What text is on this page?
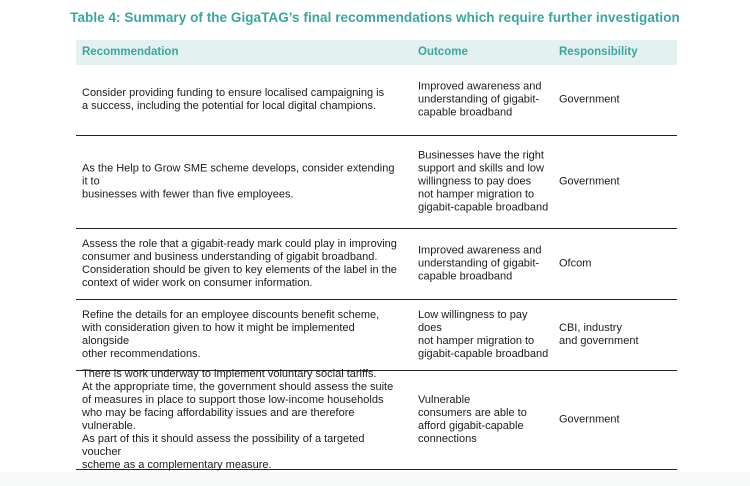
Table 4: Summary of the GigaTAG’s final recommendations which require further investigation
Recommendation	Outcome	Responsibility
Consider providing funding to ensure localised campaigning is
a success, including the potential for local digital champions.
Improved awareness and
understanding of gigabit-
capable broadband
Government
As the Help to Grow SME scheme develops, consider extending it to
businesses with fewer than five employees.
Businesses have the right
support and skills and low
willingness to pay does
not hamper migration to
gigabit-capable broadband
Government
Assess the role that a gigabit-ready mark could play in improving
consumer and business understanding of gigabit broadband.
Consideration should be given to key elements of the label in the
context of wider work on consumer information.
Improved awareness and
understanding of gigabit-
capable broadband
Ofcom
Refine the details for an employee discounts benefit scheme,
with consideration given to how it might be implemented alongside
other recommendations.
Low willingness to pay does
not hamper migration to
gigabit-capable broadband
CBI, industry
and government
There is work underway to implement voluntary social tariffs.
At the appropriate time, the government should assess the suite
of measures in place to support those low-income households
who may be facing affordability issues and are therefore vulnerable.
As part of this it should assess the possibility of a targeted voucher
scheme as a complementary measure.
Vulnerable
consumers are able to
afford gigabit-capable
connections
Government
